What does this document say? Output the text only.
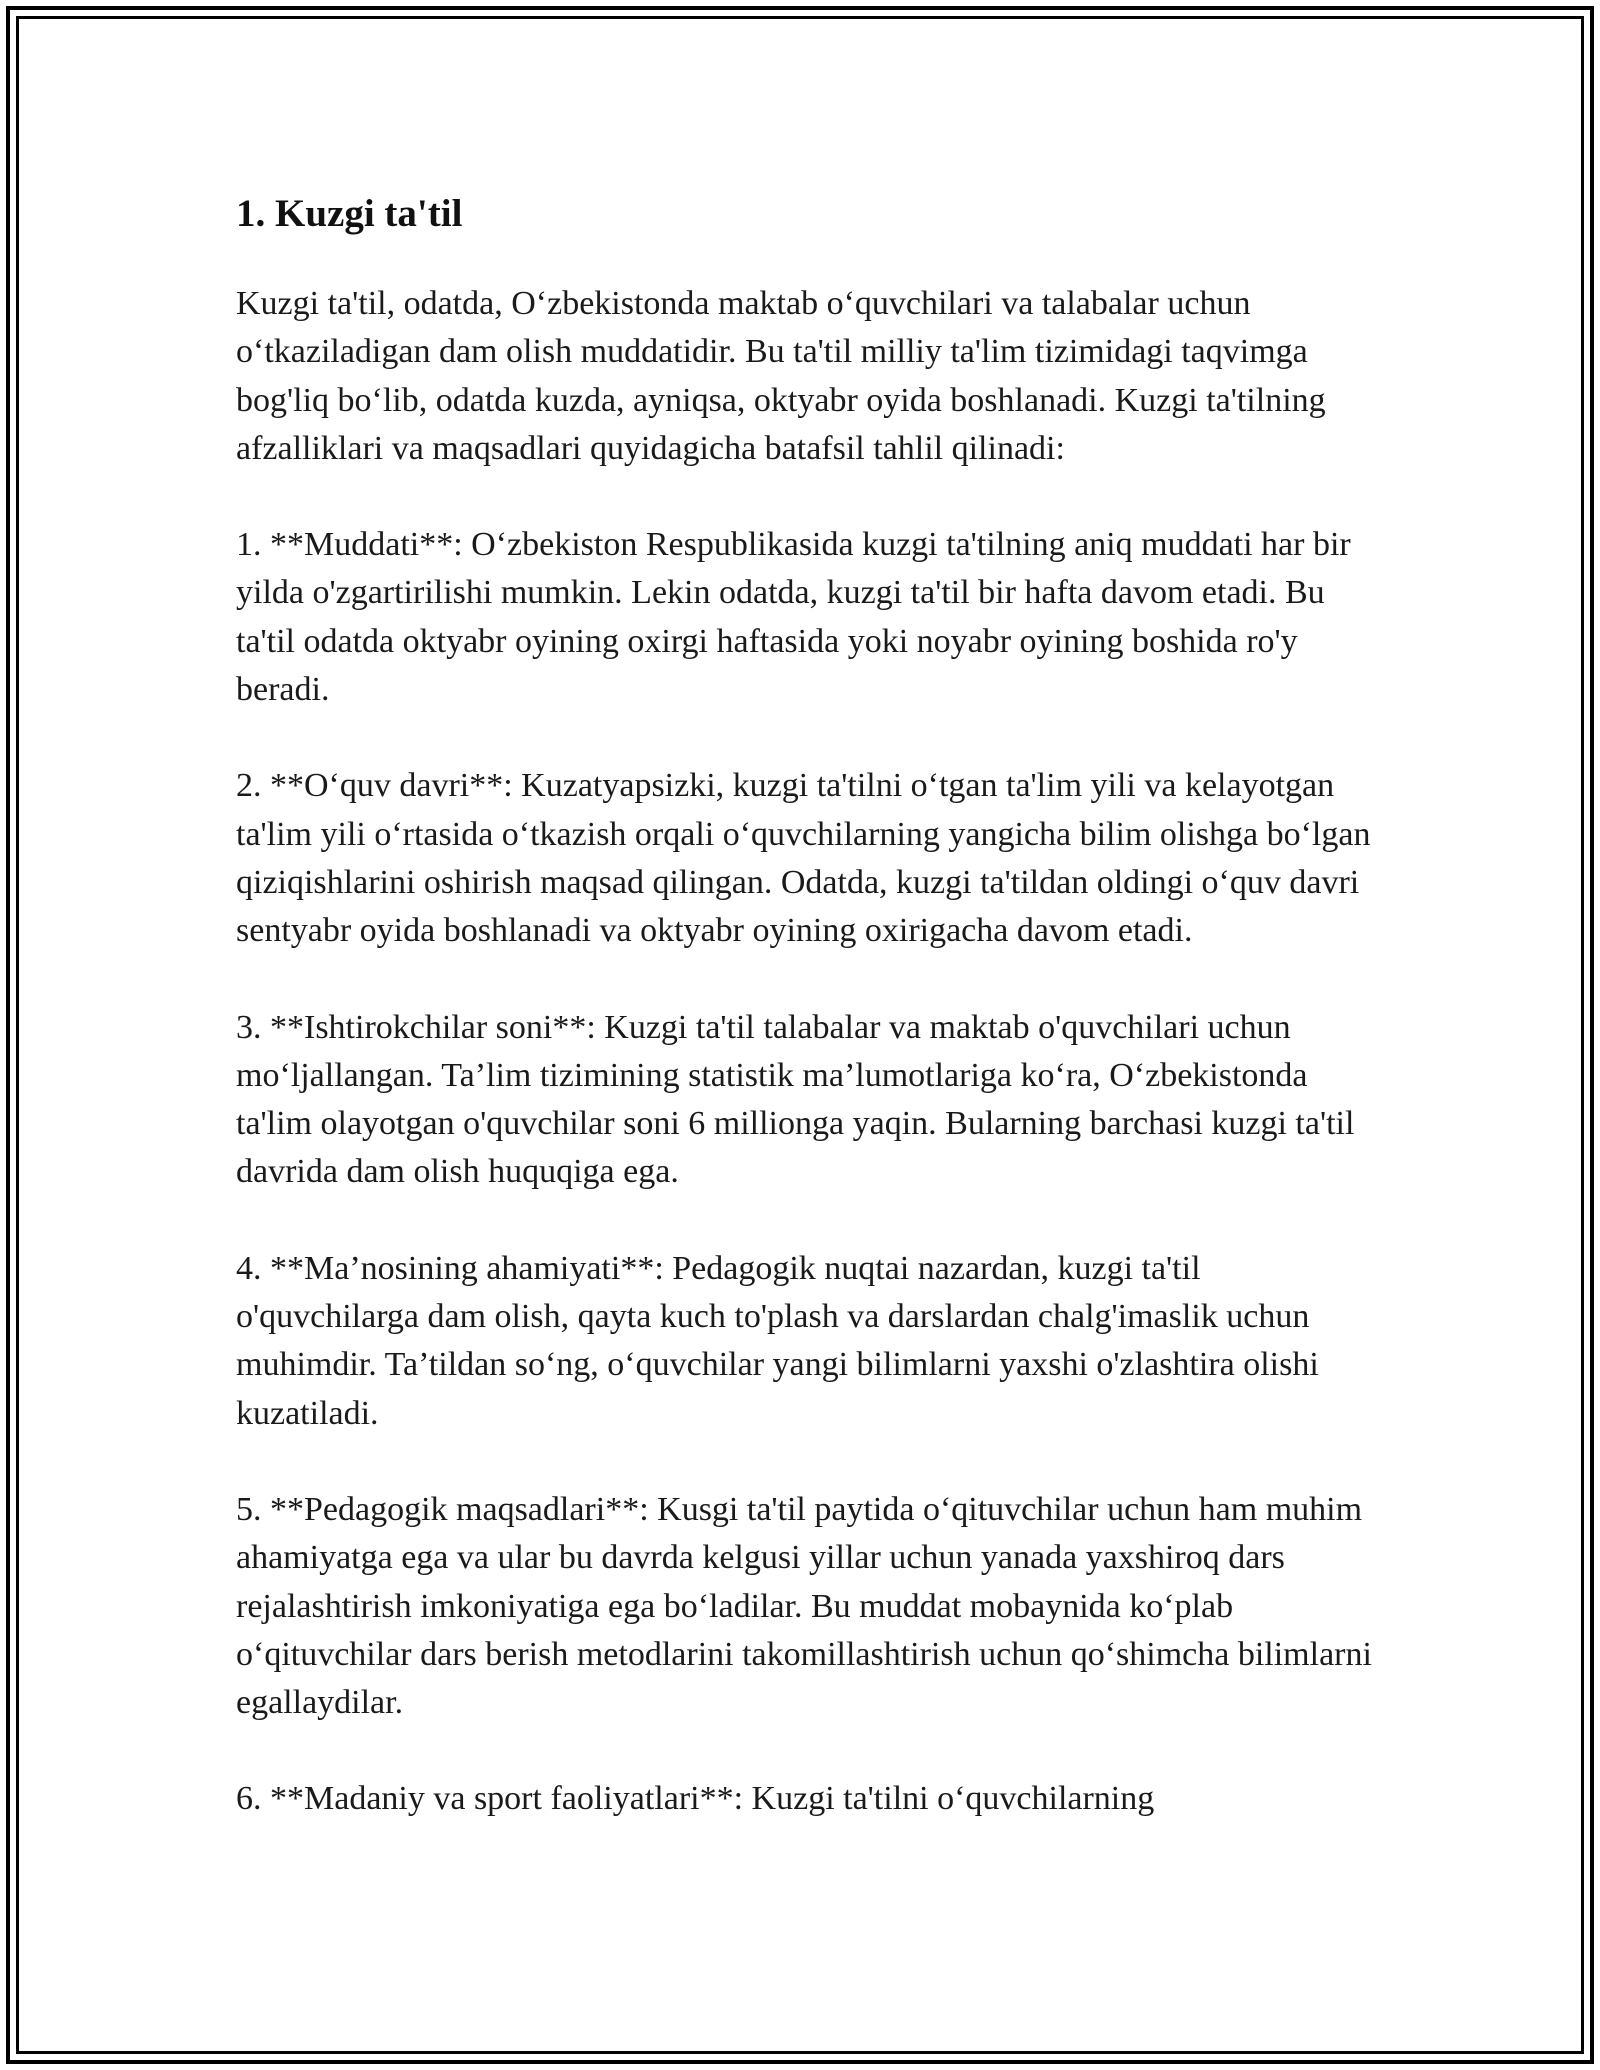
1. Kuzgi ta'til

Kuzgi ta'til, odatda, O‘zbekistonda maktab o‘quvchilari va talabalar uchun o‘tkaziladigan dam olish muddatidir. Bu ta'til milliy ta'lim tizimidagi taqvimga bog'liq bo‘lib, odatda kuzda, ayniqsa, oktyabr oyida boshlanadi. Kuzgi ta'tilning afzalliklari va maqsadlari quyidagicha batafsil tahlil qilinadi:

1. **Muddati**: O‘zbekiston Respublikasida kuzgi ta'tilning aniq muddati har bir yilda o'zgartirilishi mumkin. Lekin odatda, kuzgi ta'til bir hafta davom etadi. Bu ta'til odatda oktyabr oyining oxirgi haftasida yoki noyabr oyining boshida ro'y beradi.

2. **O‘quv davri**: Kuzatyapsizki, kuzgi ta'tilni o‘tgan ta'lim yili va kelayotgan ta'lim yili o‘rtasida o‘tkazish orqali o‘quvchilarning yangicha bilim olishga bo‘lgan qiziqishlarini oshirish maqsad qilingan. Odatda, kuzgi ta'tildan oldingi o‘quv davri sentyabr oyida boshlanadi va oktyabr oyining oxirigacha davom etadi.

3. **Ishtirokchilar soni**: Kuzgi ta'til talabalar va maktab o'quvchilari uchun mo‘ljallangan. Ta’lim tizimining statistik ma’lumotlariga ko‘ra, O‘zbekistonda ta'lim olayotgan o'quvchilar soni 6 millionga yaqin. Bularning barchasi kuzgi ta'til davrida dam olish huquqiga ega.

4. **Ma’nosining ahamiyati**: Pedagogik nuqtai nazardan, kuzgi ta'til o'quvchilarga dam olish, qayta kuch to'plash va darslardan chalg'imaslik uchun muhimdir. Ta’tildan so‘ng, o‘quvchilar yangi bilimlarni yaxshi o'zlashtira olishi kuzatiladi.

5. **Pedagogik maqsadlari**: Kusgi ta'til paytida o‘qituvchilar uchun ham muhim ahamiyatga ega va ular bu davrda kelgusi yillar uchun yanada yaxshiroq dars rejalashtirish imkoniyatiga ega bo‘ladilar. Bu muddat mobaynida ko‘plab o‘qituvchilar dars berish metodlarini takomillashtirish uchun qo‘shimcha bilimlarni egallaydilar.

6. **Madaniy va sport faoliyatlari**: Kuzgi ta'tilni o‘quvchilarning
